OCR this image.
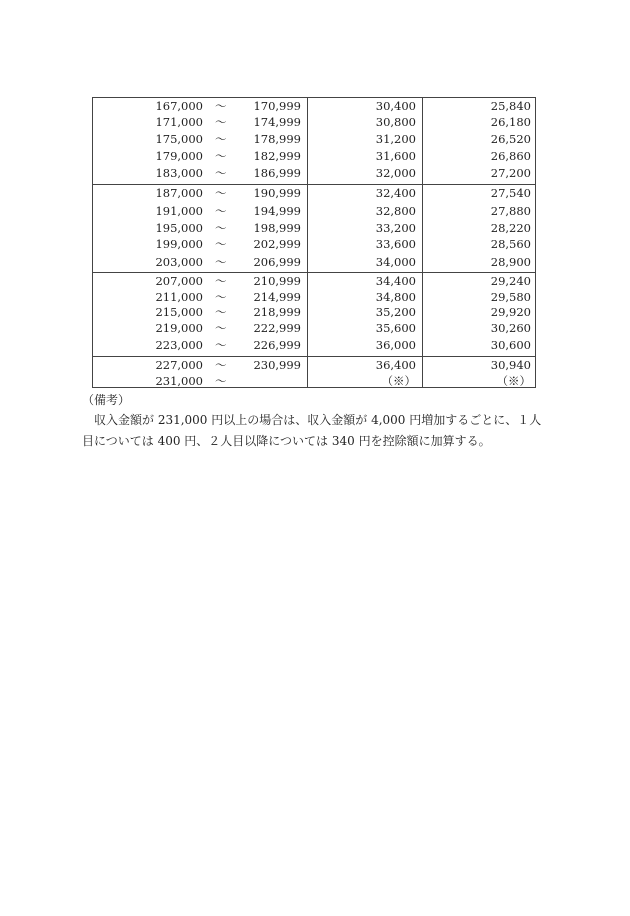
167,000 ～ 170,999	30,400	25,840
171,000 ～ 174,999	30,800	26,180
175,000 ～ 178,999	31,200	26,520
179,000 ～ 182,999	31,600	26,860
183,000 ～ 186,999	32,000	27,200
187,000 ～ 190,999	32,400	27,540
191,000 ～ 194,999	32,800	27,880
195,000 ～ 198,999	33,200	28,220
199,000 ～ 202,999	33,600	28,560
203,000 ～ 206,999	34,000	28,900
207,000 ～ 210,999	34,400	29,240
211,000 ～ 214,999	34,800	29,580
215,000 ～ 218,999	35,200	29,920
219,000 ～ 222,999	35,600	30,260
223,000 ～ 226,999	36,000	30,600
227,000 ～ 230,999	36,400	30,940
231,000 ～	（※）	（※）
（備考）
収入金額が 231,000 円以上の場合は、収入金額が 4,000 円増加するごとに、１人目については 400 円、２人目以降については 340 円を控除額に加算する。
